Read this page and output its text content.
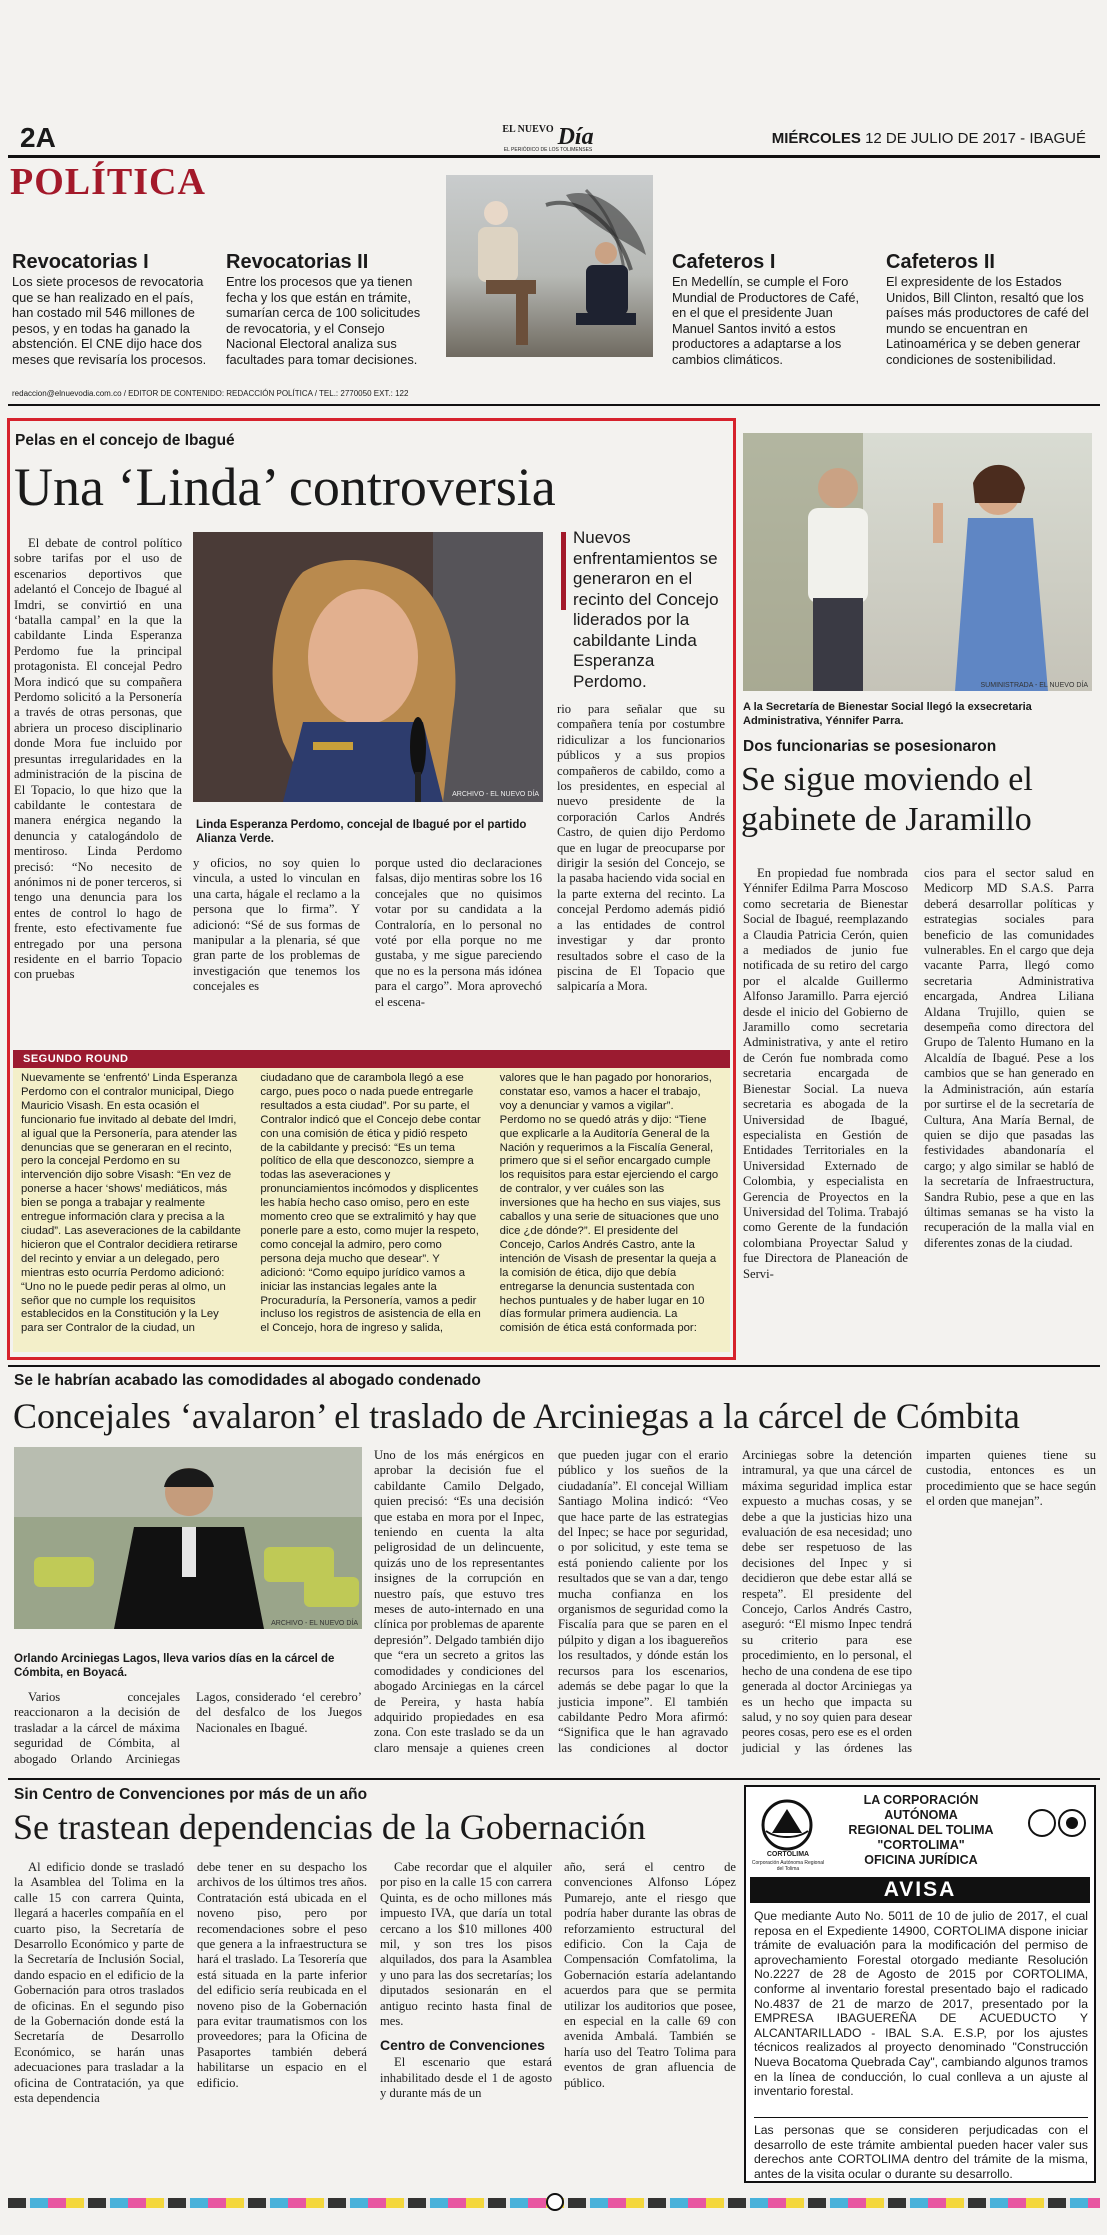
2A	$^{EL NUEVO}$ Día
EL PERIÓDICO DE LOS TOLIMENSES
MIÉRCOLES 12 DE JULIO DE 2017 - IBAGUÉ
POLÍTICA
Revocatorias I
Los siete procesos de revocatoria que se han realizado en el país, han costado mil 546 millones de pesos, y en todas ha ganado la abstención. El CNE dijo hace dos meses que revisaría los procesos.
Revocatorias II
Entre los procesos que ya tienen fecha y los que están en trámite, sumarían cerca de 100 solicitudes de revocatoria, y el Consejo Nacional Electoral analiza sus facultades para tomar decisiones.
Cafeteros I
En Medellín, se cumple el Foro Mundial de Productores de Café, en el que el presidente Juan Manuel Santos invitó a estos productores a adaptarse a los cambios climáticos.
Cafeteros II
El expresidente de los Estados Unidos, Bill Clinton, resaltó que los países más productores de café del mundo se encuentran en Latinoamérica y se deben generar condiciones de sostenibilidad.
redaccion@elnuevodia.com.co / EDITOR DE CONTENIDO: REDACCIÓN POLÍTICA / TEL.: 2770050 EXT.: 122
Pelas en el concejo de Ibagué
Una ‘Linda’ controversia

El debate de control político sobre tarifas por el uso de escenarios deportivos que adelantó el Concejo de Ibagué al Imdri, se convirtió en una ‘batalla campal’ en la que la cabildante Linda Esperanza Perdomo fue la principal protagonista. El concejal Pedro Mora indicó que su compañera Perdomo solicitó a la Personería a través de otras personas, que abriera un proceso disciplinario donde Mora fue incluido por presuntas irregularidades en la administración de la piscina de El Topacio, lo que hizo que la cabildante le contestara de manera enérgica negando la denuncia y catalogándolo de mentiroso. Linda Perdomo precisó: “No necesito de anónimos ni de poner terceros, si tengo una denuncia para los entes de control lo hago de frente, esto efectivamente fue entregado por una persona residente en el barrio Topacio con pruebas

ARCHIVO - EL NUEVO DÍA
Linda Esperanza Perdomo, concejal de Ibagué por el partido Alianza Verde.
Nuevos enfrentamientos se generaron en el recinto del Concejo liderados por la cabildante Linda Esperanza Perdomo.

y oficios, no soy quien lo vincula, a usted lo vinculan en una carta, hágale el reclamo a la persona que lo firma”. Y adicionó: “Sé de sus formas de manipular a la plenaria, sé que gran parte de los problemas de investigación que tenemos los concejales es

porque usted dio declaraciones falsas, dijo mentiras sobre los 16 concejales que no quisimos votar por su candidata a la Contraloría, en lo personal no voté por ella porque no me gustaba, y me sigue pareciendo que no es la persona más idónea para el cargo”. Mora aprovechó el escena-

rio para señalar que su compañera tenía por costumbre ridiculizar a los funcionarios públicos y a sus propios compañeros de cabildo, como a los presidentes, en especial al nuevo presidente de la corporación Carlos Andrés Castro, de quien dijo Perdomo que en lugar de preocuparse por dirigir la sesión del Concejo, se la pasaba haciendo vida social en la parte externa del recinto. La concejal Perdomo además pidió a las entidades de control investigar y dar pronto resultados sobre el caso de la piscina de El Topacio que salpicaría a Mora.

SEGUNDO ROUND
Nuevamente se ‘enfrentó’ Linda Esperanza Perdomo con el contralor municipal, Diego Mauricio Visash. En esta ocasión el funcionario fue invitado al debate del Imdri, al igual que la Personería, para atender las denuncias que se generaran en el recinto, pero la concejal Perdomo en su intervención dijo sobre Visash: “En vez de ponerse a hacer ‘shows’ mediáticos, más bien se ponga a trabajar y realmente entregue información clara y precisa a la ciudad”. Las aseveraciones de la cabildante hicieron que el Contralor decidiera retirarse del recinto y enviar a un delegado, pero mientras esto ocurría Perdomo adicionó: “Uno no le puede pedir peras al olmo, un señor que no cumple los requisitos establecidos en la Constitución y la Ley para ser Contralor de la ciudad, un ciudadano que de carambola llegó a ese cargo, pues poco o nada puede entregarle resultados a esta ciudad”. Por su parte, el Contralor indicó que el Concejo debe contar con una comisión de ética y pidió respeto de la cabildante y precisó: “Es un tema político de ella que desconozco, siempre a todas las aseveraciones y pronunciamientos incómodos y displicentes les había hecho caso omiso, pero en este momento creo que se extralimitó y hay que ponerle pare a esto, como mujer la respeto, como concejal la admiro, pero como persona deja mucho que desear”. Y adicionó: “Como equipo jurídico vamos a iniciar las instancias legales ante la Procuraduría, la Personería, vamos a pedir incluso los registros de asistencia de ella en el Concejo, hora de ingreso y salida, valores que le han pagado por honorarios, constatar eso, vamos a hacer el trabajo, voy a denunciar y vamos a vigilar”. Perdomo no se quedó atrás y dijo: “Tiene que explicarle a la Auditoría General de la Nación y requerimos a la Fiscalía General, primero que si el señor encargado cumple los requisitos para estar ejerciendo el cargo de contralor, y ver cuáles son las inversiones que ha hecho en sus viajes, sus caballos y una serie de situaciones que uno dice ¿de dónde?”. El presidente del Concejo, Carlos Andrés Castro, ante la intención de Visash de presentar la queja a la comisión de ética, dijo que debía entregarse la denuncia sustentada con hechos puntuales y de haber lugar en 10 días formular primera audiencia. La comisión de ética está conformada por:
SUMINISTRADA - EL NUEVO DÍA
A la Secretaría de Bienestar Social llegó la exsecretaria Administrativa, Yénnifer Parra.
Dos funcionarias se posesionaron
Se sigue moviendo el gabinete de Jaramillo

En propiedad fue nombrada Yénnifer Edilma Parra Moscoso como secretaria de Bienestar Social de Ibagué, reemplazando a Claudia Patricia Cerón, quien a mediados de junio fue notificada de su retiro del cargo por el alcalde Guillermo Alfonso Jaramillo. Parra ejerció desde el inicio del Gobierno de Jaramillo como secretaria Administrativa, y ante el retiro de Cerón fue nombrada como secretaria encargada de Bienestar Social. La nueva secretaria es abogada de la Universidad de Ibagué, especialista en Gestión de Entidades Territoriales en la Universidad Externado de Colombia, y especialista en Gerencia de Proyectos en la Universidad del Tolima. Trabajó como Gerente de la fundación colombiana Proyectar Salud y fue Directora de Planeación de Servi-

cios para el sector salud en Medicorp MD S.A.S. Parra deberá desarrollar políticas y estrategias sociales para beneficio de las comunidades vulnerables. En el cargo que deja vacante Parra, llegó como secretaria Administrativa encargada, Andrea Liliana Aldana Trujillo, quien se desempeña como directora del Grupo de Talento Humano en la Alcaldía de Ibagué. Pese a los cambios que se han generado en la Administración, aún estaría por surtirse el de la secretaría de Cultura, Ana María Bernal, de quien se dijo que pasadas las festividades abandonaría el cargo; y algo similar se habló de la secretaría de Infraestructura, Sandra Rubio, pese a que en las últimas semanas se ha visto la recuperación de la malla vial en diferentes zonas de la ciudad.

Se le habrían acabado las comodidades al abogado condenado
Concejales ‘avalaron’ el traslado de Arciniegas a la cárcel de Cómbita
ARCHIVO - EL NUEVO DÍA
Orlando Arciniegas Lagos, lleva varios días en la cárcel de Cómbita, en Boyacá.

Varios concejales reaccionaron a la decisión de trasladar a la cárcel de máxima seguridad de Cómbita, al abogado Orlando Arciniegas Lagos, considerado ‘el cerebro’ del desfalco de los Juegos Nacionales en Ibagué.

Uno de los más enérgicos en aprobar la decisión fue el cabildante Camilo Delgado, quien precisó: “Es una decisión que estaba en mora por el Inpec, teniendo en cuenta la alta peligrosidad de un delincuente, quizás uno de los representantes insignes de la corrupción en nuestro país, que estuvo tres meses de auto-internado en una clínica por problemas de aparente depresión”. Delgado también dijo que “era un secreto a gritos las comodidades y condiciones del abogado Arciniegas en la cárcel de Pereira, y hasta había adquirido propiedades en esa zona. Con este traslado se da un claro mensaje a quienes creen que pueden jugar con el erario público y los sueños de la ciudadanía”. El concejal William Santiago Molina indicó: “Veo que hace parte de las estrategias del Inpec; se hace por seguridad, o por solicitud, y este tema se está poniendo caliente por los resultados que se van a dar, tengo mucha confianza en los organismos de seguridad como la Fiscalía para que se paren en el púlpito y digan a los ibaguereños los resultados, y dónde están los recursos para los escenarios, además se debe pagar lo que la justicia impone”. El también cabildante Pedro Mora afirmó: “Significa que le han agravado las condiciones al doctor Arciniegas sobre la detención intramural, ya que una cárcel de máxima seguridad implica estar expuesto a muchas cosas, y se debe a que la justicias hizo una evaluación de esa necesidad; uno debe ser respetuoso de las decisiones del Inpec y si decidieron que debe estar allá se respeta”. El presidente del Concejo, Carlos Andrés Castro, aseguró: “El mismo Inpec tendrá su criterio para ese procedimiento, en lo personal, el hecho de una condena de ese tipo generada al doctor Arciniegas ya es un hecho que impacta su salud, y no soy quien para desear peores cosas, pero ese es el orden judicial y las órdenes las imparten quienes tiene su custodia, entonces es un procedimiento que se hace según el orden que manejan”.

Sin Centro de Convenciones por más de un año
Se trastean dependencias de la Gobernación

Al edificio donde se trasladó la Asamblea del Tolima en la calle 15 con carrera Quinta, llegará a hacerles compañía en el cuarto piso, la Secretaría de Desarrollo Económico y parte de la Secretaría de Inclusión Social, dando espacio en el edificio de la Gobernación para otros traslados de oficinas. En el segundo piso de la Gobernación donde está la Secretaría de Desarrollo Económico, se harán unas adecuaciones para trasladar a la oficina de Contratación, ya que esta dependencia

debe tener en su despacho los archivos de los últimos tres años. Contratación está ubicada en el noveno piso, pero por recomendaciones sobre el peso que genera a la infraestructura se hará el traslado. La Tesorería que está situada en la parte inferior del edificio sería reubicada en el noveno piso de la Gobernación para evitar traumatismos con los proveedores; para la Oficina de Pasaportes también deberá habilitarse un espacio en el edificio.

Cabe recordar que el alquiler por piso en la calle 15 con carrera Quinta, es de ocho millones más impuesto IVA, que daría un total cercano a los $10 millones 400 mil, y son tres los pisos alquilados, dos para la Asamblea y uno para las dos secretarías; los diputados sesionarán en el antiguo recinto hasta final de mes.

Centro de Convenciones

El escenario que estará inhabilitado desde el 1 de agosto y durante más de un

año, será el centro de convenciones Alfonso López Pumarejo, ante el riesgo que podría haber durante las obras de reforzamiento estructural del edificio. Con la Caja de Compensación Comfatolima, la Gobernación estaría adelantando acuerdos para que se permita utilizar los auditorios que posee, en especial en la calle 69 con avenida Ambalá. También se haría uso del Teatro Tolima para eventos de gran afluencia de público.

CORTOLIMA
Corporación Autónoma Regional del Tolima
LA CORPORACIÓN AUTÓNOMA
REGIONAL DEL TOLIMA
"CORTOLIMA"
OFICINA JURÍDICA
AVISA
Que mediante Auto No. 5011 de 10 de julio de 2017, el cual reposa en el Expediente 14900, CORTOLIMA dispone iniciar trámite de evaluación para la modificación del permiso de aprovechamiento Forestal otorgado mediante Resolución No.2227 de 28 de Agosto de 2015 por CORTOLIMA, conforme al inventario forestal presentado bajo el radicado No.4837 de 21 de marzo de 2017, presentado por la EMPRESA IBAGUEREÑA DE ACUEDUCTO Y ALCANTARILLADO - IBAL S.A. E.S.P, por los ajustes técnicos realizados al proyecto denominado "Construcción Nueva Bocatoma Quebrada Cay", cambiando algunos tramos en la línea de conducción, lo cual conlleva a un ajuste al inventario forestal.
Las personas que se consideren perjudicadas con el desarrollo de este trámite ambiental pueden hacer valer sus derechos ante CORTOLIMA dentro del trámite de la misma, antes de la visita ocular o durante su desarrollo.
